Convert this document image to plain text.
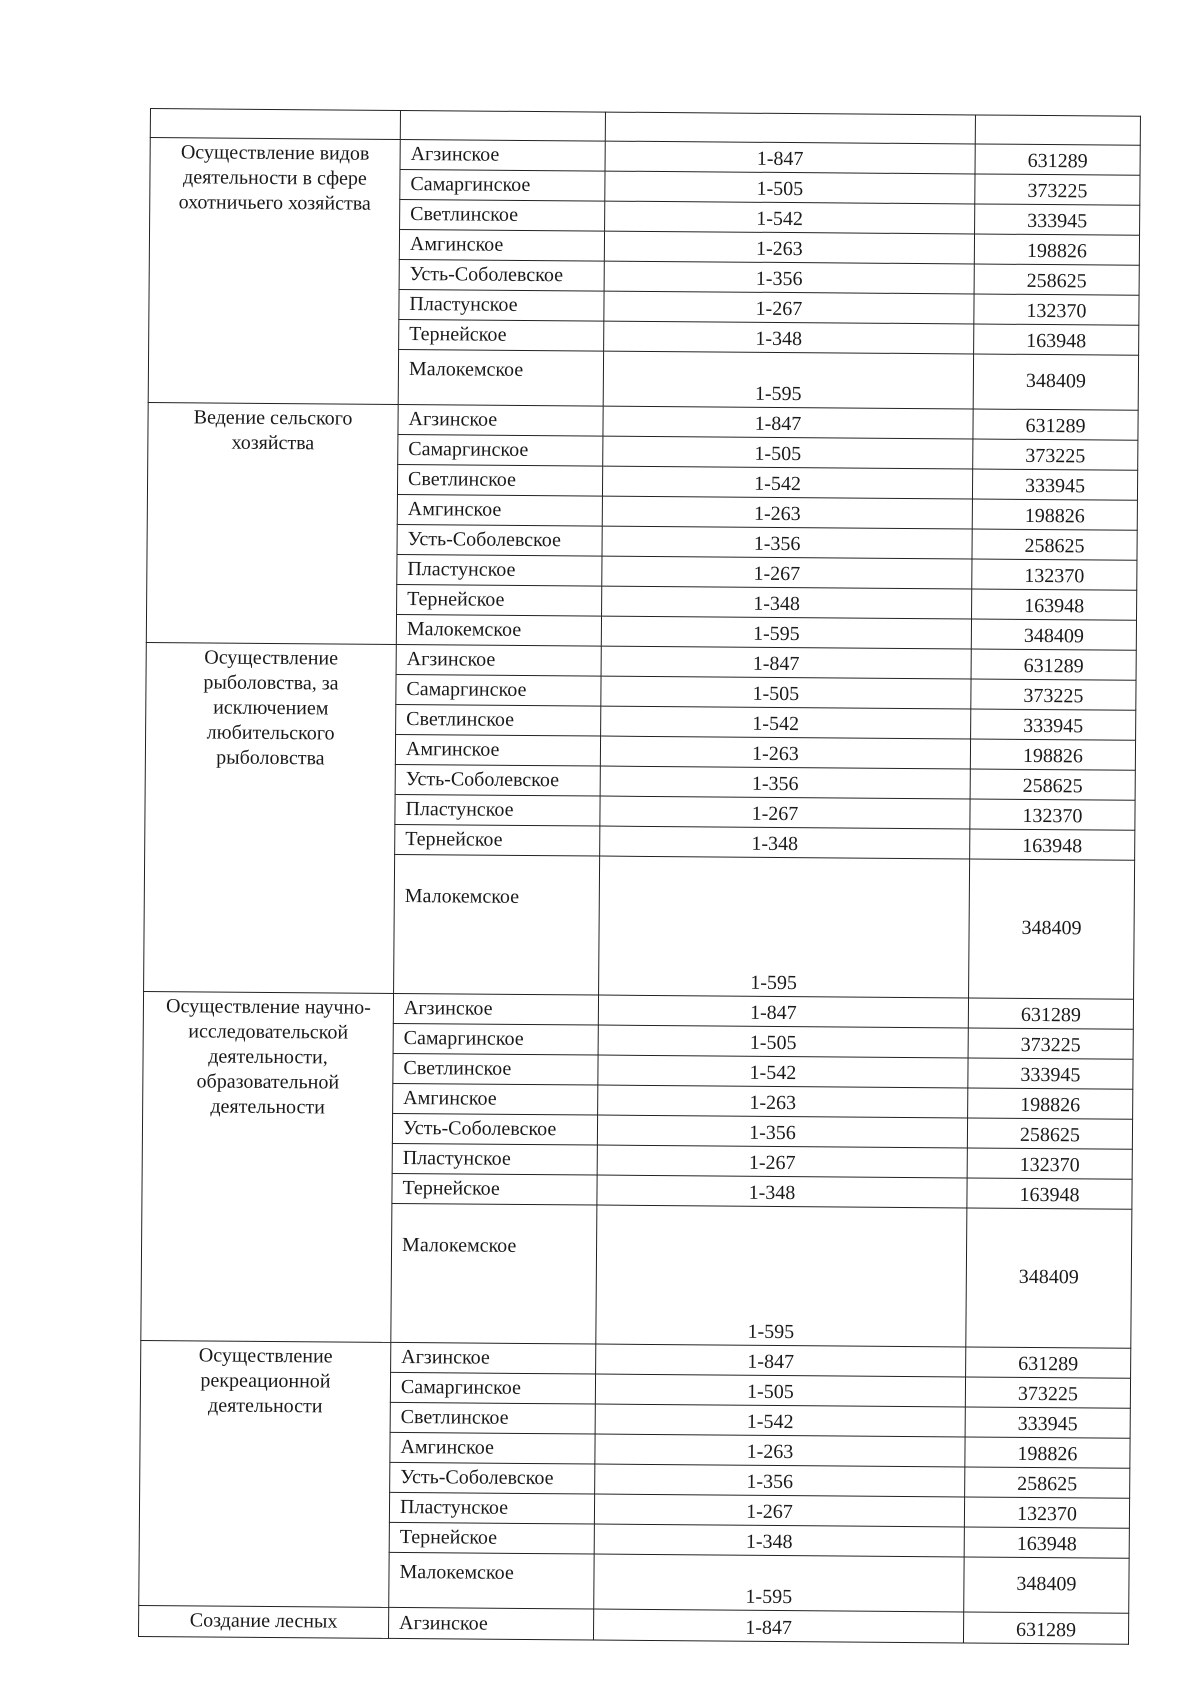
Осуществление видов деятельности в сфере охотничьего хозяйства	Агзинское	1-847	631289
	Самаргинское	1-505	373225
	Светлинское	1-542	333945
	Амгинское	1-263	198826
	Усть-Соболевское	1-356	258625
	Пластунское	1-267	132370
	Тернейское	1-348	163948
	Малокемское	1-595	348409
Ведение сельского хозяйства	Агзинское	1-847	631289
	Самаргинское	1-505	373225
	Светлинское	1-542	333945
	Амгинское	1-263	198826
	Усть-Соболевское	1-356	258625
	Пластунское	1-267	132370
	Тернейское	1-348	163948
	Малокемское	1-595	348409
Осуществление рыболовства, за исключением любительского рыболовства	Агзинское	1-847	631289
	Самаргинское	1-505	373225
	Светлинское	1-542	333945
	Амгинское	1-263	198826
	Усть-Соболевское	1-356	258625
	Пластунское	1-267	132370
	Тернейское	1-348	163948
	Малокемское	1-595	348409
Осуществление научно-исследовательской деятельности, образовательной деятельности	Агзинское	1-847	631289
	Самаргинское	1-505	373225
	Светлинское	1-542	333945
	Амгинское	1-263	198826
	Усть-Соболевское	1-356	258625
	Пластунское	1-267	132370
	Тернейское	1-348	163948
	Малокемское	1-595	348409
Осуществление рекреационной деятельности	Агзинское	1-847	631289
	Самаргинское	1-505	373225
	Светлинское	1-542	333945
	Амгинское	1-263	198826
	Усть-Соболевское	1-356	258625
	Пластунское	1-267	132370
	Тернейское	1-348	163948
	Малокемское	1-595	348409
Создание лесных	Агзинское	1-847	631289
